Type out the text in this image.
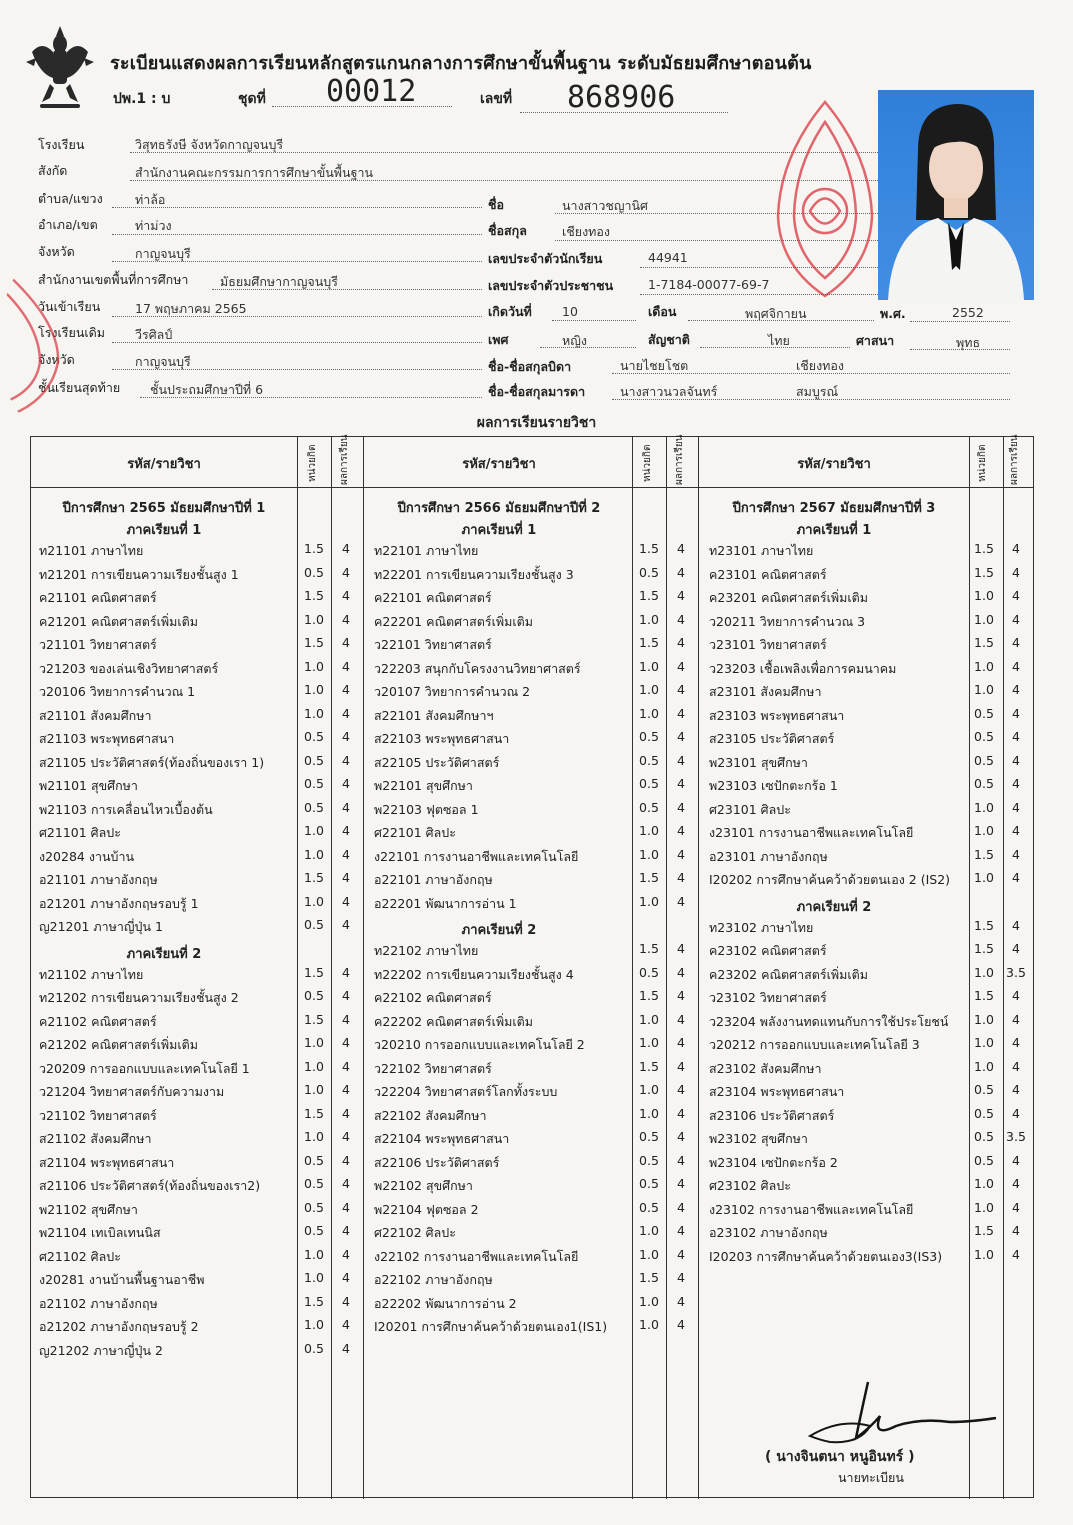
ระเบียนแสดงผลการเรียนหลักสูตรแกนกลางการศึกษาขั้นพื้นฐาน ระดับมัธยมศึกษาตอนต้น
ปพ.1 : บ	ชุดที่ 00012	เลขที่ 868906
โรงเรียน	วิสุทธรังษี จังหวัดกาญจนบุรี
สังกัด	สำนักงานคณะกรรมการการศึกษาขั้นพื้นฐาน
ตำบล/แขวง	ท่าล้อ
อำเภอ/เขต	ท่าม่วง
จังหวัด	กาญจนบุรี
สำนักงานเขตพื้นที่การศึกษา	มัธยมศึกษากาญจนบุรี
วันเข้าเรียน	17 พฤษภาคม 2565
โรงเรียนเดิม วีรศิลป์
จังหวัด	กาญจนบุรี
ชั้นเรียนสุดท้าย ชั้นประถมศึกษาปีที่ 6
ชื่อ	นางสาวชญานิศ
ชื่อสกุล	เชียงทอง
เลขประจำตัวนักเรียน	44941
เลขประจำตัวประชาชน	1-7184-00077-69-7
เกิดวันที่ 10	เดือน	พฤศจิกายน	พ.ศ.	2552
เพศ	หญิง	สัญชาติ	ไทย	ศาสนา	พุทธ
ชื่อ-ชื่อสกุลบิดา	นายไชยโชต	เชียงทอง
ชื่อ-ชื่อสกุลมารดา	นางสาวนวลจันทร์	สมบูรณ์
ผลการเรียนรายวิชา
รหัส/รายวิชา	หน่วยกิต ผลการเรียน
ปีการศึกษา 2565 มัธยมศึกษาปีที่ 1
ภาคเรียนที่ 1
ท21101 ภาษาไทย	1.5	4
ท21201 การเขียนความเรียงชั้นสูง 1	0.5	4
ค21101 คณิตศาสตร์	1.5	4
ค21201 คณิตศาสตร์เพิ่มเติม	1.0	4
ว21101 วิทยาศาสตร์	1.5	4
ว21203 ของเล่นเชิงวิทยาศาสตร์	1.0	4
ว20106 วิทยาการคำนวณ 1	1.0	4
ส21101 สังคมศึกษา	1.0	4
ส21103 พระพุทธศาสนา	0.5	4
ส21105 ประวัติศาสตร์(ท้องถิ่นของเรา 1)	0.5	4
พ21101 สุขศึกษา	0.5	4
พ21103 การเคลื่อนไหวเบื้องต้น	0.5	4
ศ21101 ศิลปะ	1.0	4
ง20284 งานบ้าน	1.0	4
อ21101 ภาษาอังกฤษ	1.5	4
อ21201 ภาษาอังกฤษรอบรู้ 1	1.0	4
ญ21201 ภาษาญี่ปุ่น 1	0.5	4
ภาคเรียนที่ 2
ท21102 ภาษาไทย	1.5	4
ท21202 การเขียนความเรียงชั้นสูง 2	0.5	4
ค21102 คณิตศาสตร์	1.5	4
ค21202 คณิตศาสตร์เพิ่มเติม	1.0	4
ว20209 การออกแบบและเทคโนโลยี 1	1.0	4
ว21204 วิทยาศาสตร์กับความงาม	1.0	4
ว21102 วิทยาศาสตร์	1.5	4
ส21102 สังคมศึกษา	1.0	4
ส21104 พระพุทธศาสนา	0.5	4
ส21106 ประวัติศาสตร์(ท้องถิ่นของเรา2)	0.5	4
พ21102 สุขศึกษา	0.5	4
พ21104 เทเบิลเทนนิส	0.5	4
ศ21102 ศิลปะ	1.0	4
ง20281 งานบ้านพื้นฐานอาชีพ	1.0	4
อ21102 ภาษาอังกฤษ	1.5	4
อ21202 ภาษาอังกฤษรอบรู้ 2	1.0	4
ญ21202 ภาษาญี่ปุ่น 2	0.5	4
รหัส/รายวิชา	หน่วยกิต ผลการเรียน
ปีการศึกษา 2566 มัธยมศึกษาปีที่ 2
ภาคเรียนที่ 1
ท22101 ภาษาไทย	1.5	4
ท22201 การเขียนความเรียงชั้นสูง 3	0.5	4
ค22101 คณิตศาสตร์	1.5	4
ค22201 คณิตศาสตร์เพิ่มเติม	1.0	4
ว22101 วิทยาศาสตร์	1.5	4
ว22203 สนุกกับโครงงานวิทยาศาสตร์	1.0	4
ว20107 วิทยาการคำนวณ 2	1.0	4
ส22101 สังคมศึกษาฯ	1.0	4
ส22103 พระพุทธศาสนา	0.5	4
ส22105 ประวัติศาสตร์	0.5	4
พ22101 สุขศึกษา	0.5	4
พ22103 ฟุตซอล 1	0.5	4
ศ22101 ศิลปะ	1.0	4
ง22101 การงานอาชีพและเทคโนโลยี	1.0	4
อ22101 ภาษาอังกฤษ	1.5	4
อ22201 พัฒนาการอ่าน 1	1.0	4
ภาคเรียนที่ 2
ท22102 ภาษาไทย	1.5	4
ท22202 การเขียนความเรียงชั้นสูง 4	0.5	4
ค22102 คณิตศาสตร์	1.5	4
ค22202 คณิตศาสตร์เพิ่มเติม	1.0	4
ว20210 การออกแบบและเทคโนโลยี 2	1.0	4
ว22102 วิทยาศาสตร์	1.5	4
ว22204 วิทยาศาสตร์โลกทั้งระบบ	1.0	4
ส22102 สังคมศึกษา	1.0	4
ส22104 พระพุทธศาสนา	0.5	4
ส22106 ประวัติศาสตร์	0.5	4
พ22102 สุขศึกษา	0.5	4
พ22104 ฟุตซอล 2	0.5	4
ศ22102 ศิลปะ	1.0	4
ง22102 การงานอาชีพและเทคโนโลยี	1.0	4
อ22102 ภาษาอังกฤษ	1.5	4
อ22202 พัฒนาการอ่าน 2	1.0	4
I20201 การศึกษาค้นคว้าด้วยตนเอง1(IS1)	1.0	4
รหัส/รายวิชา	หน่วยกิต ผลการเรียน
ปีการศึกษา 2567 มัธยมศึกษาปีที่ 3
ภาคเรียนที่ 1
ท23101 ภาษาไทย	1.5	4
ค23101 คณิตศาสตร์	1.5	4
ค23201 คณิตศาสตร์เพิ่มเติม	1.0	4
ว20211 วิทยาการคำนวณ 3	1.0	4
ว23101 วิทยาศาสตร์	1.5	4
ว23203 เชื้อเพลิงเพื่อการคมนาคม	1.0	4
ส23101 สังคมศึกษา	1.0	4
ส23103 พระพุทธศาสนา	0.5	4
ส23105 ประวัติศาสตร์	0.5	4
พ23101 สุขศึกษา	0.5	4
พ23103 เซปักตะกร้อ 1	0.5	4
ศ23101 ศิลปะ	1.0	4
ง23101 การงานอาชีพและเทคโนโลยี	1.0	4
อ23101 ภาษาอังกฤษ	1.5	4
I20202 การศึกษาค้นคว้าด้วยตนเอง 2 (IS2)	1.0	4
ภาคเรียนที่ 2
ท23102 ภาษาไทย	1.5	4
ค23102 คณิตศาสตร์	1.5	4
ค23202 คณิตศาสตร์เพิ่มเติม	1.0 3.5
ว23102 วิทยาศาสตร์	1.5	4
ว23204 พลังงานทดแทนกับการใช้ประโยชน์	1.0	4
ว20212 การออกแบบและเทคโนโลยี 3	1.0	4
ส23102 สังคมศึกษา	1.0	4
ส23104 พระพุทธศาสนา	0.5	4
ส23106 ประวัติศาสตร์	0.5	4
พ23102 สุขศึกษา	0.5 3.5
พ23104 เซปักตะกร้อ 2	0.5	4
ศ23102 ศิลปะ	1.0	4
ง23102 การงานอาชีพและเทคโนโลยี	1.0	4
อ23102 ภาษาอังกฤษ	1.5	4
I20203 การศึกษาค้นคว้าด้วยตนเอง3(IS3)	1.0	4
( นางจินตนา หนูอินทร์ )
นายทะเบียน
